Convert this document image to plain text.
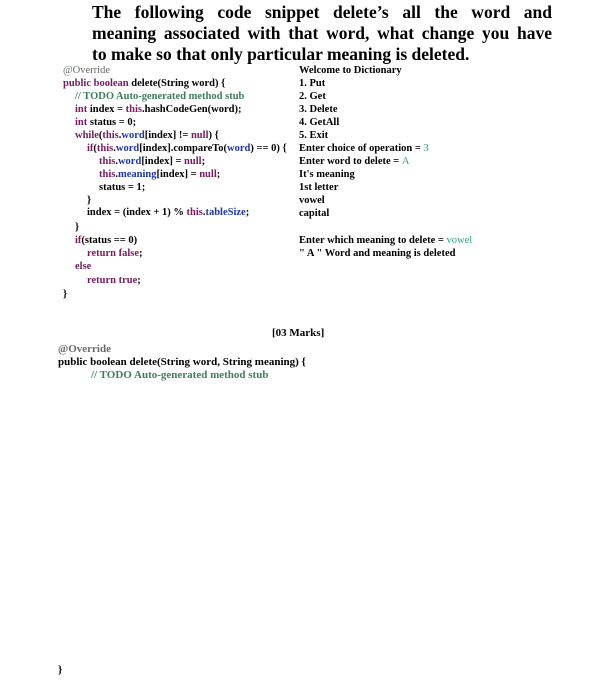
The following code snippet delete’s all the word and
meaning associated with that word, what change you have
to make so that only particular meaning is deleted.
@Override
public boolean delete(String word) {
// TODO Auto-generated method stub
int index = this.hashCodeGen(word);
int status = 0;
while(this.word[index] != null) {
if(this.word[index].compareTo(word) == 0) {
this.word[index] = null;
this.meaning[index] = null;
status = 1;
}
index = (index + 1) % this.tableSize;
}
if(status == 0)
return false;
else
return true;
}
Welcome to Dictionary
1. Put
2. Get
3. Delete
4. GetAll
5. Exit
Enter choice of operation = 3
Enter word to delete = A
It's meaning
1st letter
vowel
capital
Enter which meaning to delete = vowel
" A " Word and meaning is deleted
[03 Marks]
@Override
public boolean delete(String word, String meaning) {
// TODO Auto-generated method stub
}
